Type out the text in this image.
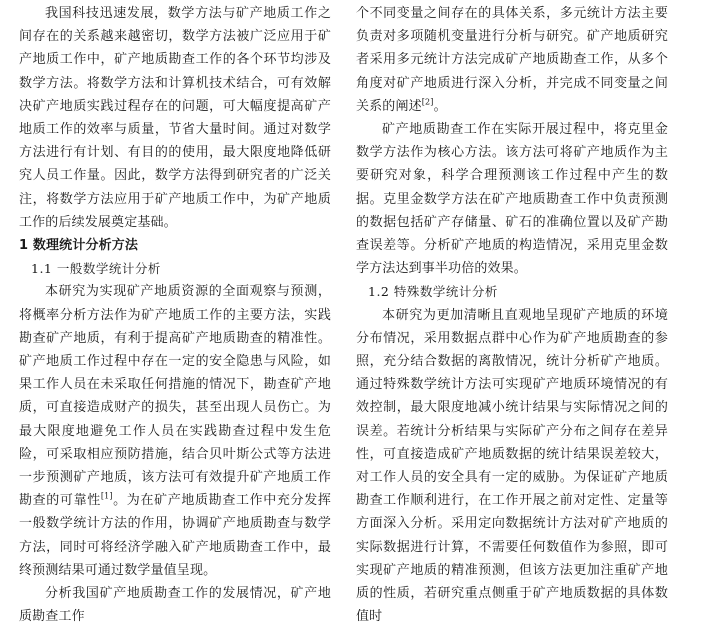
我国科技迅速发展，数学方法与矿产地质工作之间存在的关系越来越密切，数学方法被广泛应用于矿产地质工作中，矿产地质勘查工作的各个环节均涉及数学方法。将数学方法和计算机技术结合，可有效解决矿产地质实践过程存在的问题，可大幅度提高矿产地质工作的效率与质量，节省大量时间。通过对数学方法进行有计划、有目的的使用，最大限度地降低研究人员工作量。因此，数学方法得到研究者的广泛关注，将数学方法应用于矿产地质工作中，为矿产地质工作的后续发展奠定基础。

1 数理统计分析方法

1.1 一般数学统计分析

本研究为实现矿产地质资源的全面观察与预测，将概率分析方法作为矿产地质工作的主要方法，实践勘查矿产地质，有利于提高矿产地质勘查的精准性。矿产地质工作过程中存在一定的安全隐患与风险，如果工作人员在未采取任何措施的情况下，勘查矿产地质，可直接造成财产的损失，甚至出现人员伤亡。为最大限度地避免工作人员在实践勘查过程中发生危险，可采取相应预防措施，结合贝叶斯公式等方法进一步预测矿产地质，该方法可有效提升矿产地质工作勘查的可靠性[1]。为在矿产地质勘查工作中充分发挥一般数学统计方法的作用，协调矿产地质勘查与数学方法，同时可将经济学融入矿产地质勘查工作中，最终预测结果可通过数学量值呈现。

分析我国矿产地质勘查工作的发展情况，矿产地质勘查工作

个不同变量之间存在的具体关系，多元统计方法主要负责对多项随机变量进行分析与研究。矿产地质研究者采用多元统计方法完成矿产地质勘查工作，从多个角度对矿产地质进行深入分析，并完成不同变量之间关系的阐述[2]。

矿产地质勘查工作在实际开展过程中，将克里金数学方法作为核心方法。该方法可将矿产地质作为主要研究对象，科学合理预测该工作过程中产生的数据。克里金数学方法在矿产地质勘查工作中负责预测的数据包括矿产存储量、矿石的准确位置以及矿产勘查误差等。分析矿产地质的构造情况，采用克里金数学方法达到事半功倍的效果。

1.2 特殊数学统计分析

本研究为更加清晰且直观地呈现矿产地质的环境分布情况，采用数据点群中心作为矿产地质勘查的参照，充分结合数据的离散情况，统计分析矿产地质。通过特殊数学统计方法可实现矿产地质环境情况的有效控制，最大限度地减小统计结果与实际情况之间的误差。若统计分析结果与实际矿产分布之间存在差异性，可直接造成矿产地质数据的统计结果误差较大，对工作人员的安全具有一定的威胁。为保证矿产地质勘查工作顺利进行，在工作开展之前对定性、定量等方面深入分析。采用定向数据统计方法对矿产地质的实际数据进行计算，不需要任何数值作为参照，即可实现矿产地质的精准预测，但该方法更加注重矿产地质的性质，若研究重点侧重于矿产地质数据的具体数值时
